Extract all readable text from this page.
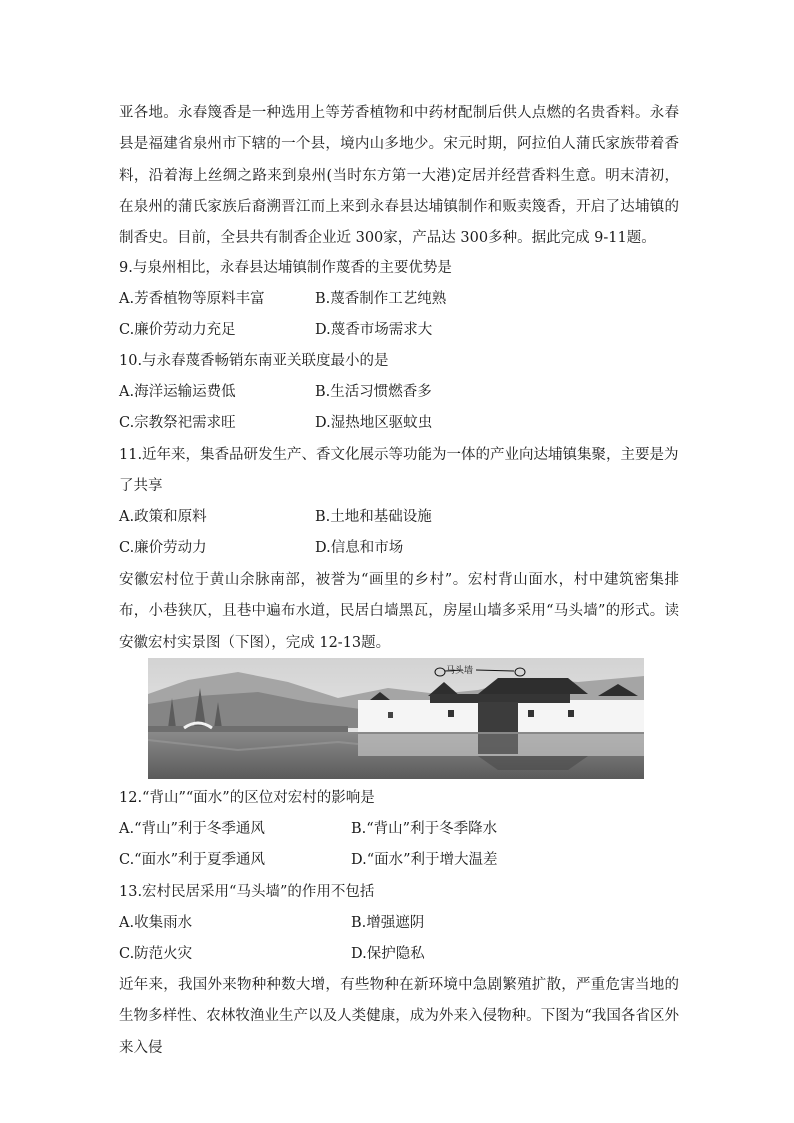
亚各地。永春篾香是一种选用上等芳香植物和中药材配制后供人点燃的名贵香料。永春县是福建省泉州市下辖的一个县，境内山多地少。宋元时期，阿拉伯人蒲氏家族带着香料，沿着海上丝绸之路来到泉州(当时东方第一大港)定居并经营香料生意。明末清初，在泉州的蒲氏家族后裔溯晋江而上来到永春县达埔镇制作和贩卖篾香，开启了达埔镇的制香史。目前，全县共有制香企业近 300家，产品达 300多种。据此完成 9-11题。
9.与泉州相比，永春县达埔镇制作蔑香的主要优势是
A.芳香植物等原料丰富	B.蔑香制作工艺纯熟
C.廉价劳动力充足	D.蔑香市场需求大
10.与永春蔑香畅销东南亚关联度最小的是
A.海洋运输运费低	B.生活习惯燃香多
C.宗教祭祀需求旺	D.湿热地区驱蚊虫
11.近年来，集香品研发生产、香文化展示等功能为一体的产业向达埔镇集聚，主要是为了共享
A.政策和原料	B.土地和基础设施
C.廉价劳动力	D.信息和市场
安徽宏村位于黄山余脉南部，被誉为“画里的乡村”。宏村背山面水，村中建筑密集排布，小巷狭仄，且巷中遍布水道，民居白墙黑瓦，房屋山墙多采用“马头墙”的形式。读安徽宏村实景图（下图），完成 12-13题。
马头墙
12.“背山”“面水”的区位对宏村的影响是
A.“背山”利于冬季通风	B.“背山”利于冬季降水
C.“面水”利于夏季通风	D.“面水”利于增大温差
13.宏村民居采用“马头墙”的作用不包括
A.收集雨水	B.增强遮阴
C.防范火灾	D.保护隐私
近年来，我国外来物种种数大增，有些物种在新环境中急剧繁殖扩散，严重危害当地的生物多样性、农林牧渔业生产以及人类健康，成为外来入侵物种。下图为“我国各省区外来入侵
